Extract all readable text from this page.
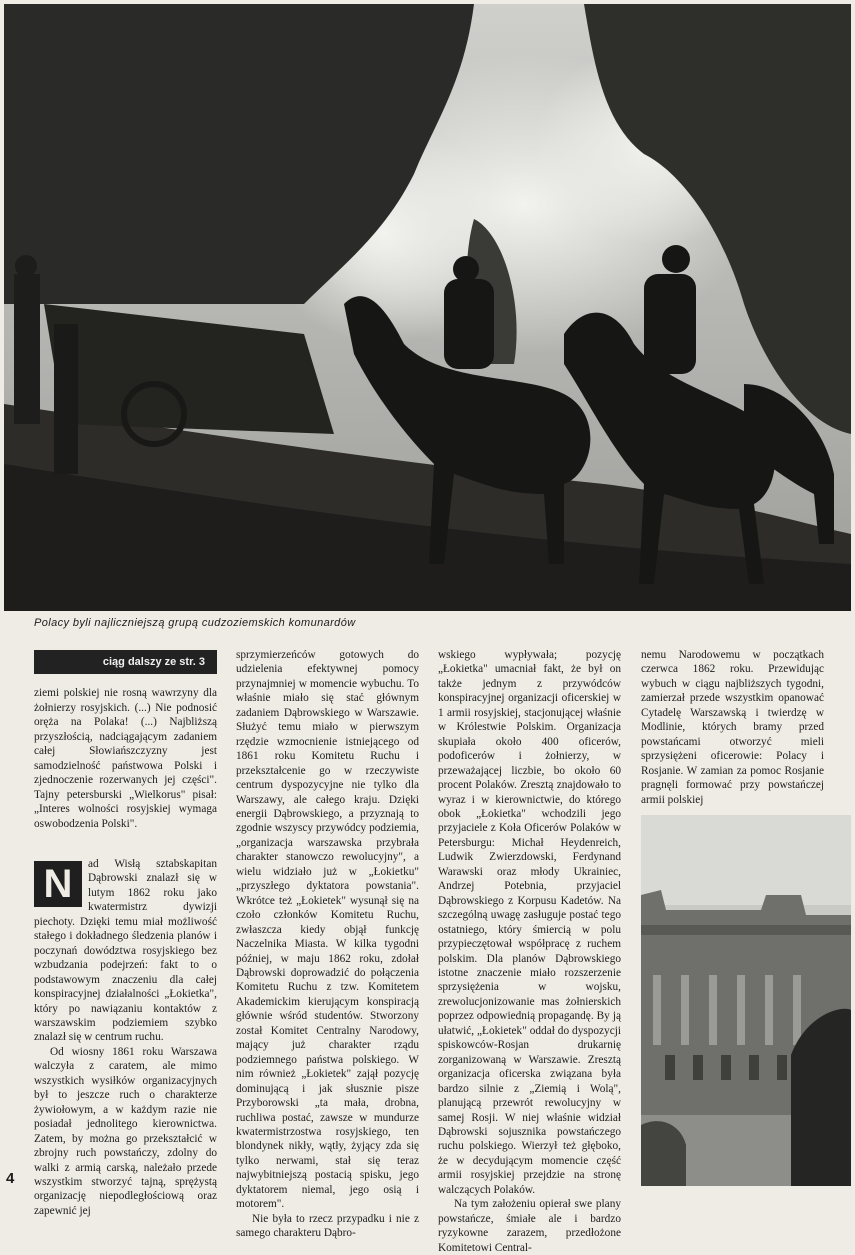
Polacy byli najliczniejszą grupą cudzoziemskich komunardów
ciąg dalszy ze str. 3

ziemi polskiej nie rosną wawrzyny dla żołnierzy rosyjskich. (...) Nie podnosić oręża na Polaka! (...) Najbliższą przyszłością, nadciągającym zadaniem całej Słowiańszczyzny jest samodzielność państwowa Polski i zjednoczenie rozerwanych jej części". Tajny petersburski „Wielkorus" pisał: „Interes wolności rosyjskiej wymaga oswobodzenia Polski".

N	ad Wisłą sztabskapitan Dąbrowski znalazł się w lutym 1862 roku jako kwatermistrz dywizji piechoty. Dzięki temu miał możliwość stałego i dokładnego śledzenia planów i poczynań dowództwa rosyjskiego bez wzbudzania podejrzeń: fakt to o podstawowym znaczeniu dla całej konspiracyjnej działalności „Łokietka", który po nawiązaniu kontaktów z warszawskim podziemiem szybko znalazł się w centrum ruchu.

Od wiosny 1861 roku Warszawa walczyła z caratem, ale mimo wszystkich wysiłków organizacyjnych był to jeszcze ruch o charakterze żywiołowym, a w każdym razie nie posiadał jednolitego kierownictwa. Zatem, by można go przekształcić w zbrojny ruch powstańczy, zdolny do walki z armią carską, należało przede wszystkim stworzyć tajną, sprężystą organizację niepodległościową oraz zapewnić jej

sprzymierzeńców gotowych do udzielenia efektywnej pomocy przynajmniej w momencie wybuchu. To właśnie miało się stać głównym zadaniem Dąbrowskiego w Warszawie. Służyć temu miało w pierwszym rzędzie wzmocnienie istniejącego od 1861 roku Komitetu Ruchu i przekształcenie go w rzeczywiste centrum dyspozycyjne nie tylko dla Warszawy, ale całego kraju. Dzięki energii Dąbrowskiego, a przyznają to zgodnie wszyscy przywódcy podziemia, „organizacja warszawska przybrała charakter stanowczo rewolucyjny", a wielu widziało już w „Łokietku" „przyszłego dyktatora powstania". Wkrótce też „Łokietek" wysunął się na czoło członków Komitetu Ruchu, zwłaszcza kiedy objął funkcję Naczelnika Miasta. W kilka tygodni później, w maju 1862 roku, zdołał Dąbrowski doprowadzić do połączenia Komitetu Ruchu z tzw. Komitetem Akademickim kierującym konspiracją głównie wśród studentów. Stworzony został Komitet Centralny Narodowy, mający już charakter rządu podziemnego państwa polskiego. W nim również „Łokietek" zajął pozycję dominującą i jak słusznie pisze Przyborowski „ta mała, drobna, ruchliwa postać, zawsze w mundurze kwatermistrzostwa rosyjskiego, ten blondynek nikły, wątły, żyjący zda się tylko nerwami, stał się teraz najwybitniejszą postacią spisku, jego dyktatorem niemal, jego osią i motorem".

Nie była to rzecz przypadku i nie z samego charakteru Dąbro-

wskiego wypływała; pozycję „Łokietka" umacniał fakt, że był on także jednym z przywódców konspiracyjnej organizacji oficerskiej w 1 armii rosyjskiej, stacjonującej właśnie w Królestwie Polskim. Organizacja skupiała około 400 oficerów, podoficerów i żołnierzy, w przeważającej liczbie, bo około 60 procent Polaków. Zresztą znajdowało to wyraz i w kierownictwie, do którego obok „Łokietka" wchodzili jego przyjaciele z Koła Oficerów Polaków w Petersburgu: Michał Heydenreich, Ludwik Zwierzdowski, Ferdynand Warawski oraz młody Ukrainiec, Andrzej Potebnia, przyjaciel Dąbrowskiego z Korpusu Kadetów. Na szczególną uwagę zasługuje postać tego ostatniego, który śmiercią w polu przypieczętował współpracę z ruchem polskim. Dla planów Dąbrowskiego istotne znaczenie miało rozszerzenie sprzysiężenia w wojsku, zrewolucjonizowanie mas żołnierskich poprzez odpowiednią propagandę. By ją ułatwić, „Łokietek" oddał do dyspozycji spiskowców-Rosjan drukarnię zorganizowaną w Warszawie. Zresztą organizacja oficerska związana była bardzo silnie z „Ziemią i Wolą", planującą przewrót rewolucyjny w samej Rosji. W niej właśnie widział Dąbrowski sojusznika powstańczego ruchu polskiego. Wierzył też głęboko, że w decydującym momencie część armii rosyjskiej przejdzie na stronę walczących Polaków.

Na tym założeniu opierał swe plany powstańcze, śmiałe ale i bardzo ryzykowne zarazem, przedłożone Komitetowi Central-

nemu Narodowemu w początkach czerwca 1862 roku. Przewidując wybuch w ciągu najbliższych tygodni, zamierzał przede wszystkim opanować Cytadelę Warszawską i twierdzę w Modlinie, których bramy przed powstańcami otworzyć mieli sprzysiężeni oficerowie: Polacy i Rosjanie. W zamian za pomoc Rosjanie pragnęli formować przy powstańczej armii polskiej

4
